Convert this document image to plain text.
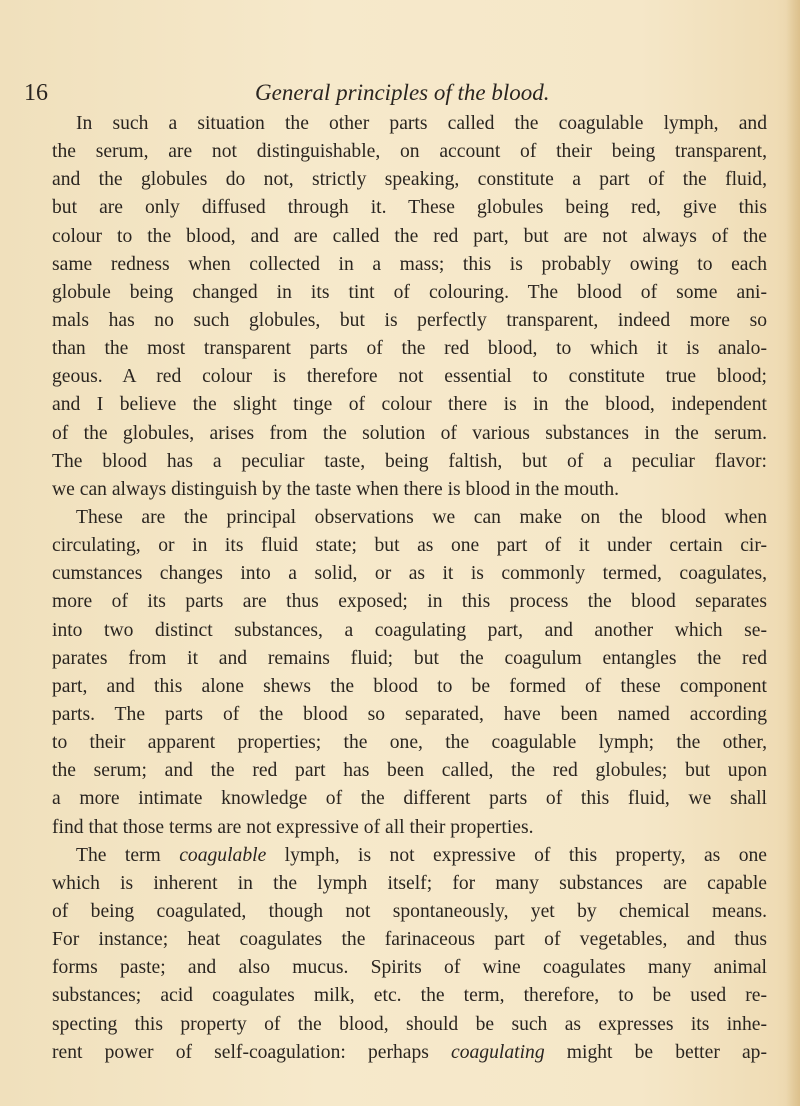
16	General principles of the blood.
In such a situation the other parts called the coagulable lymph, and
the serum, are not distinguishable, on account of their being transparent,
and the globules do not, strictly speaking, constitute a part of the fluid,
but are only diffused through it. These globules being red, give this
colour to the blood, and are called the red part, but are not always of the
same redness when collected in a mass; this is probably owing to each
globule being changed in its tint of colouring. The blood of some ani-
mals has no such globules, but is perfectly transparent, indeed more so
than the most transparent parts of the red blood, to which it is analo-
geous. A red colour is therefore not essential to constitute true blood;
and I believe the slight tinge of colour there is in the blood, independent
of the globules, arises from the solution of various substances in the serum.
The blood has a peculiar taste, being faltish, but of a peculiar flavor:
we can always distinguish by the taste when there is blood in the mouth.
These are the principal observations we can make on the blood when
circulating, or in its fluid state; but as one part of it under certain cir-
cumstances changes into a solid, or as it is commonly termed, coagulates,
more of its parts are thus exposed; in this process the blood separates
into two distinct substances, a coagulating part, and another which se-
parates from it and remains fluid; but the coagulum entangles the red
part, and this alone shews the blood to be formed of these component
parts. The parts of the blood so separated, have been named according
to their apparent properties; the one, the coagulable lymph; the other,
the serum; and the red part has been called, the red globules; but upon
a more intimate knowledge of the different parts of this fluid, we shall
find that those terms are not expressive of all their properties.
The term coagulable lymph, is not expressive of this property, as one
which is inherent in the lymph itself; for many substances are capable
of being coagulated, though not spontaneously, yet by chemical means.
For instance; heat coagulates the farinaceous part of vegetables, and thus
forms paste; and also mucus. Spirits of wine coagulates many animal
substances; acid coagulates milk, etc. the term, therefore, to be used re-
specting this property of the blood, should be such as expresses its inhe-
rent power of self-coagulation: perhaps coagulating might be better ap-
